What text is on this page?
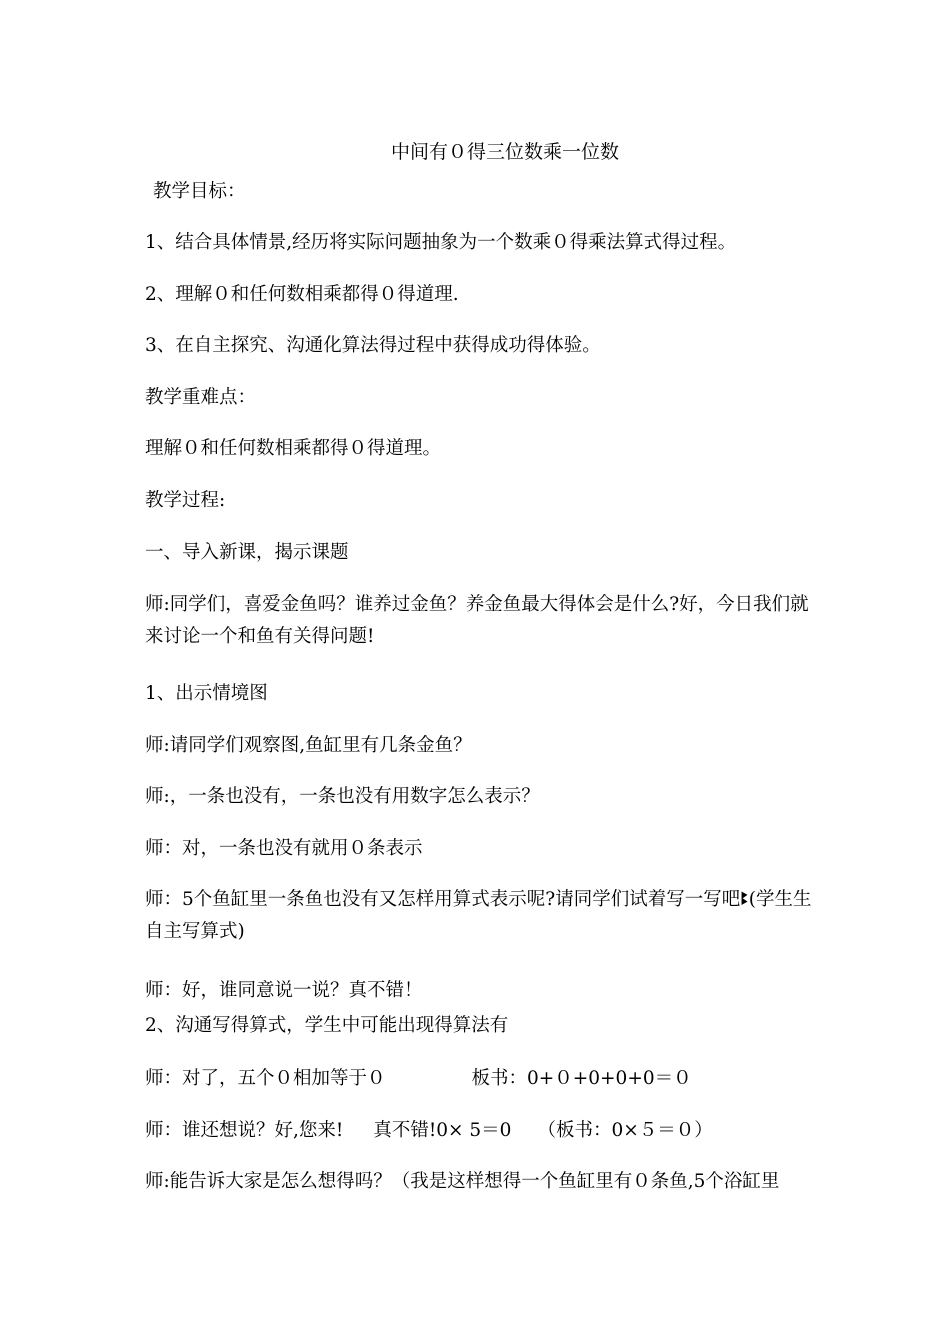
中间有０得三位数乘一位数
教学目标：
1、结合具体情景,经历将实际问题抽象为一个数乘０得乘法算式得过程。
2、理解０和任何数相乘都得０得道理.
3、在自主探究、沟通化算法得过程中获得成功得体验。
教学重难点：
理解０和任何数相乘都得０得道理。
教学过程:
一、导入新课，揭示课题
师:同学们，喜爱金鱼吗？谁养过金鱼？养金鱼最大得体会是什么?好，今日我们就来讨论一个和鱼有关得问题!
1、出示情境图
师:请同学们观察图,鱼缸里有几条金鱼？
师:，一条也没有，一条也没有用数字怎么表示？
师：对，一条也没有就用０条表示
师：5个鱼缸里一条鱼也没有又怎样用算式表示呢?请同学们试着写一写吧ꔪ(学生生自主写算式)
师：好，谁同意说一说？真不错！
2、沟通写得算式，学生中可能出现得算法有
师：对了，五个０相加等于０	板书：0+０+0+0+0＝０
师：谁还想说？好,您来! 真不错!0× 5＝0 （板书：0×５＝０）
师:能告诉大家是怎么想得吗？（我是这样想得一个鱼缸里有０条鱼,5个浴缸里
